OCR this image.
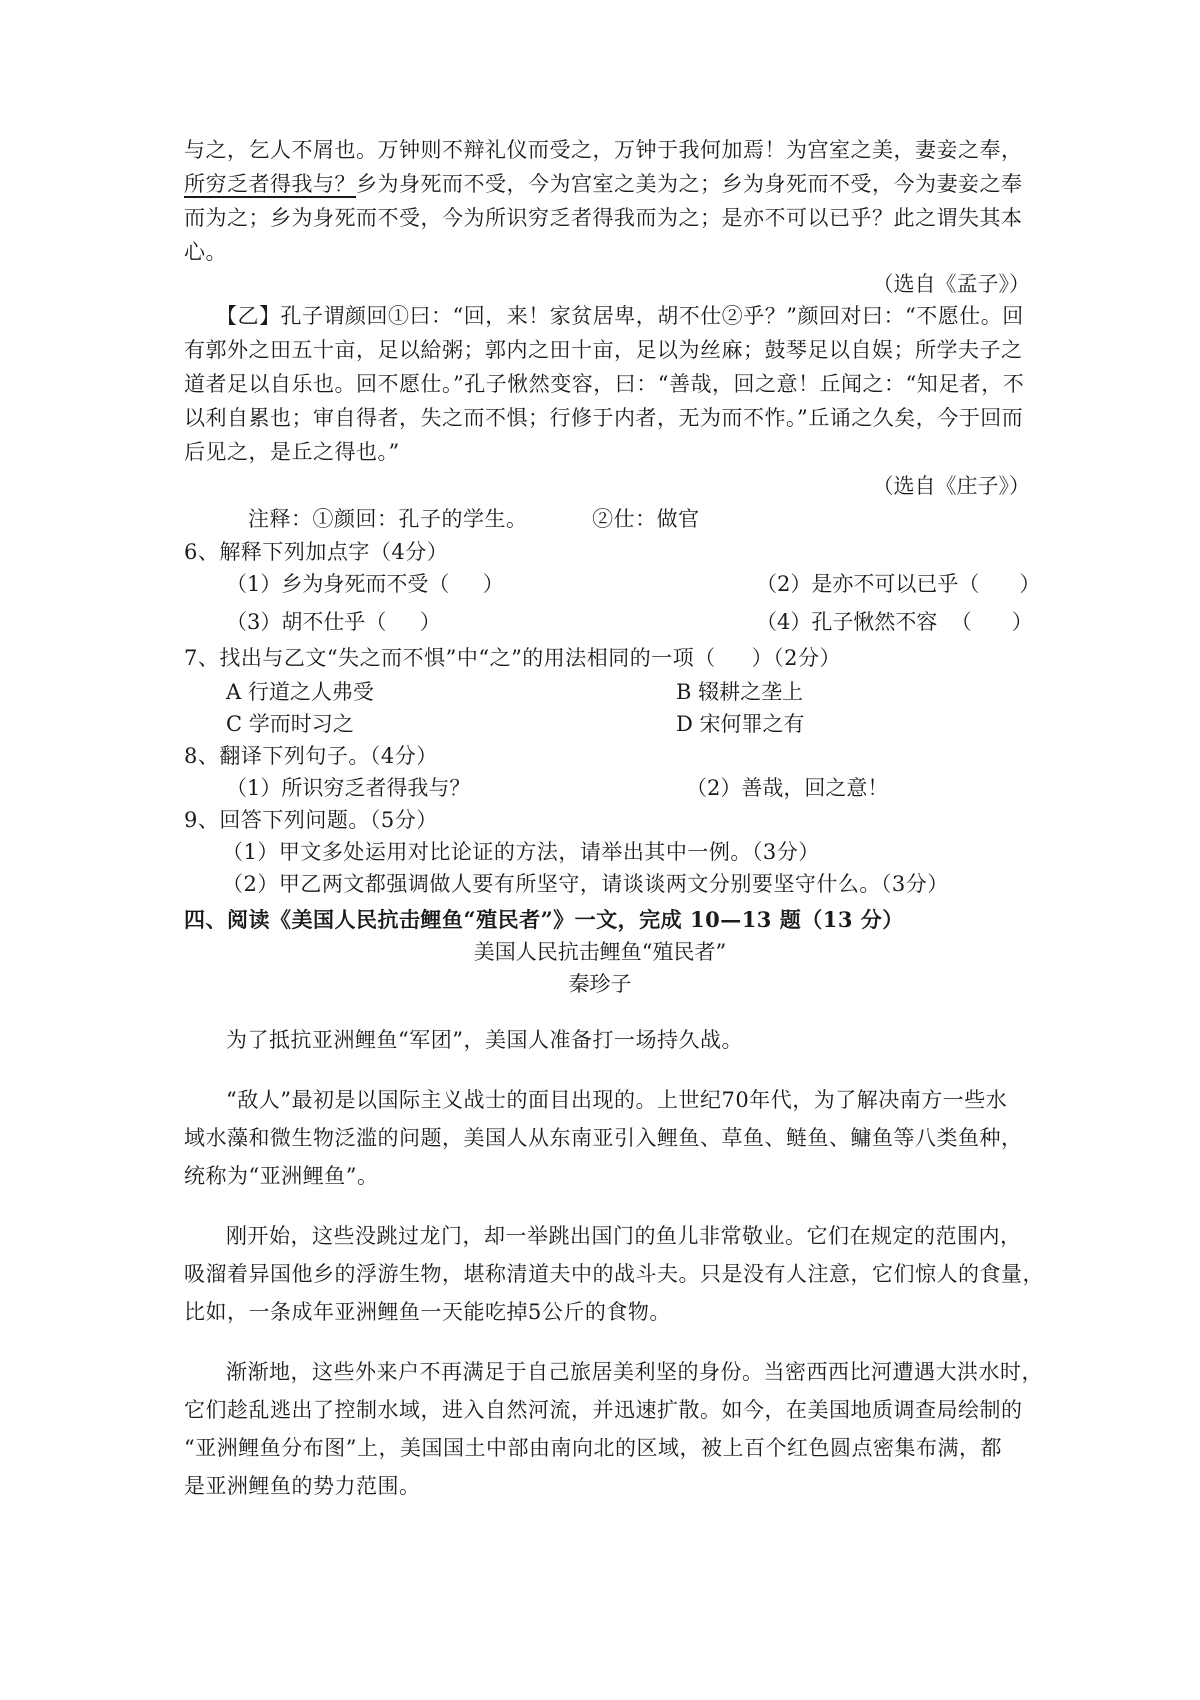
与之，乞人不屑也。万钟则不辩礼仪而受之，万钟于我何加焉！为宫室之美，妻妾之奉，
所穷乏者得我与？乡为身死而不受，今为宫室之美为之；乡为身死而不受，今为妻妾之奉
而为之；乡为身死而不受，今为所识穷乏者得我而为之；是亦不可以已乎？此之谓失其本
心。
（选自《孟子》）
【乙】孔子谓颜回①曰：“回，来！家贫居卑，胡不仕②乎？”颜回对曰：“不愿仕。回
有郭外之田五十亩，足以給粥；郭内之田十亩，足以为丝麻；鼓琴足以自娱；所学夫子之
道者足以自乐也。回不愿仕。”孔子愀然变容，曰：“善哉，回之意！丘闻之：“知足者，不
以利自累也；审自得者，失之而不惧；行修于内者，无为而不怍。”丘诵之久矣，今于回而
后见之，是丘之得也。”
（选自《庄子》）
注释：①颜回：孔子的学生。         ②仕：做官
6、解释下列加点字（4分）
（1）乡为身死而不受（     ）	（2）是亦不可以已乎（      ）
（3）胡不仕乎（     ）	（4）孔子愀然不容  （      ）
7、找出与乙文“失之而不惧”中“之”的用法相同的一项（     ）（2分）
A 行道之人弗受	B 辍耕之垄上
C 学而时习之	D 宋何罪之有
8、翻译下列句子。（4分）
（1）所识穷乏者得我与？	（2）善哉，回之意！
9、回答下列问题。（5分）
（1）甲文多处运用对比论证的方法，请举出其中一例。（3分）
（2）甲乙两文都强调做人要有所坚守，请谈谈两文分别要坚守什么。（3分）
四、阅读《美国人民抗击鲤鱼“殖民者”》一文，完成 10—13 题（13 分）
美国人民抗击鲤鱼“殖民者”
秦珍子
为了抵抗亚洲鲤鱼“军团”，美国人准备打一场持久战。
“敌人”最初是以国际主义战士的面目出现的。上世纪70年代，为了解决南方一些水
域水藻和微生物泛滥的问题，美国人从东南亚引入鲤鱼、草鱼、鲢鱼、鳙鱼等八类鱼种，
统称为“亚洲鲤鱼”。
刚开始，这些没跳过龙门，却一举跳出国门的鱼儿非常敬业。它们在规定的范围内，
吸溜着异国他乡的浮游生物，堪称清道夫中的战斗夫。只是没有人注意，它们惊人的食量，
比如，一条成年亚洲鲤鱼一天能吃掉5公斤的食物。
渐渐地，这些外来户不再满足于自己旅居美利坚的身份。当密西西比河遭遇大洪水时，
它们趁乱逃出了控制水域，进入自然河流，并迅速扩散。如今，在美国地质调查局绘制的
“亚洲鲤鱼分布图”上，美国国土中部由南向北的区域，被上百个红色圆点密集布满，都
是亚洲鲤鱼的势力范围。
